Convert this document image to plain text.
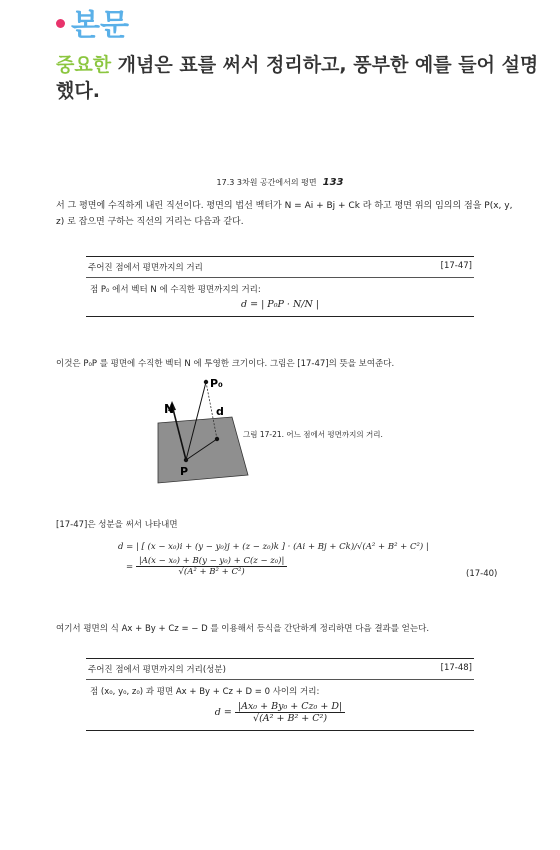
본문
중요한 개념은 표를 써서 정리하고, 풍부한 예를 들어 설명했다.
17.3 3차원 공간에서의 평면 133
서 그 평면에 수직하게 내린 직선이다. 평면의 법선 벡터가 N = Ai + Bj + Ck 라 하고 평면 위의 임의의 점을 P(x, y, z) 로 잡으면 구하는 직선의 거리는 다음과 같다.
주어진 점에서 평면까지의 거리	[17-47]
점 P₀ 에서 벡터 N 에 수직한 평면까지의 거리:
d = | P₀P · N/N |
이것은 P₀P 를 평면에 수직한 벡터 N 에 투영한 크기이다. 그림은 [17-47]의 뜻을 보여준다.
P₀
N	d
P
그림 17-21. 어느 점에서 평면까지의 거리.
[17-47]은 성분을 써서 나타내면
d = | [ (x − x₀)i + (y − y₀)j + (z − z₀)k ] · (Ai + Bj + Ck)/√(A² + B² + C²) |
= $\frac{\text{|A(x − x₀) + B(y − y₀) + C(z − z₀)|}}{\text{√(A² + B² + C²)}}$	(17-40)
여기서 평면의 식 Ax + By + Cz = − D 를 이용해서 등식을 간단하게 정리하면 다음 결과를 얻는다.
주어진 점에서 평면까지의 거리(성분)	[17-48]
점 (x₀, y₀, z₀) 과 평면 Ax + By + Cz + D = 0 사이의 거리:
$d = \frac{\text{|Ax₀ + By₀ + Cz₀ + D|}}{\text{√(A² + B² + C²)}}$
